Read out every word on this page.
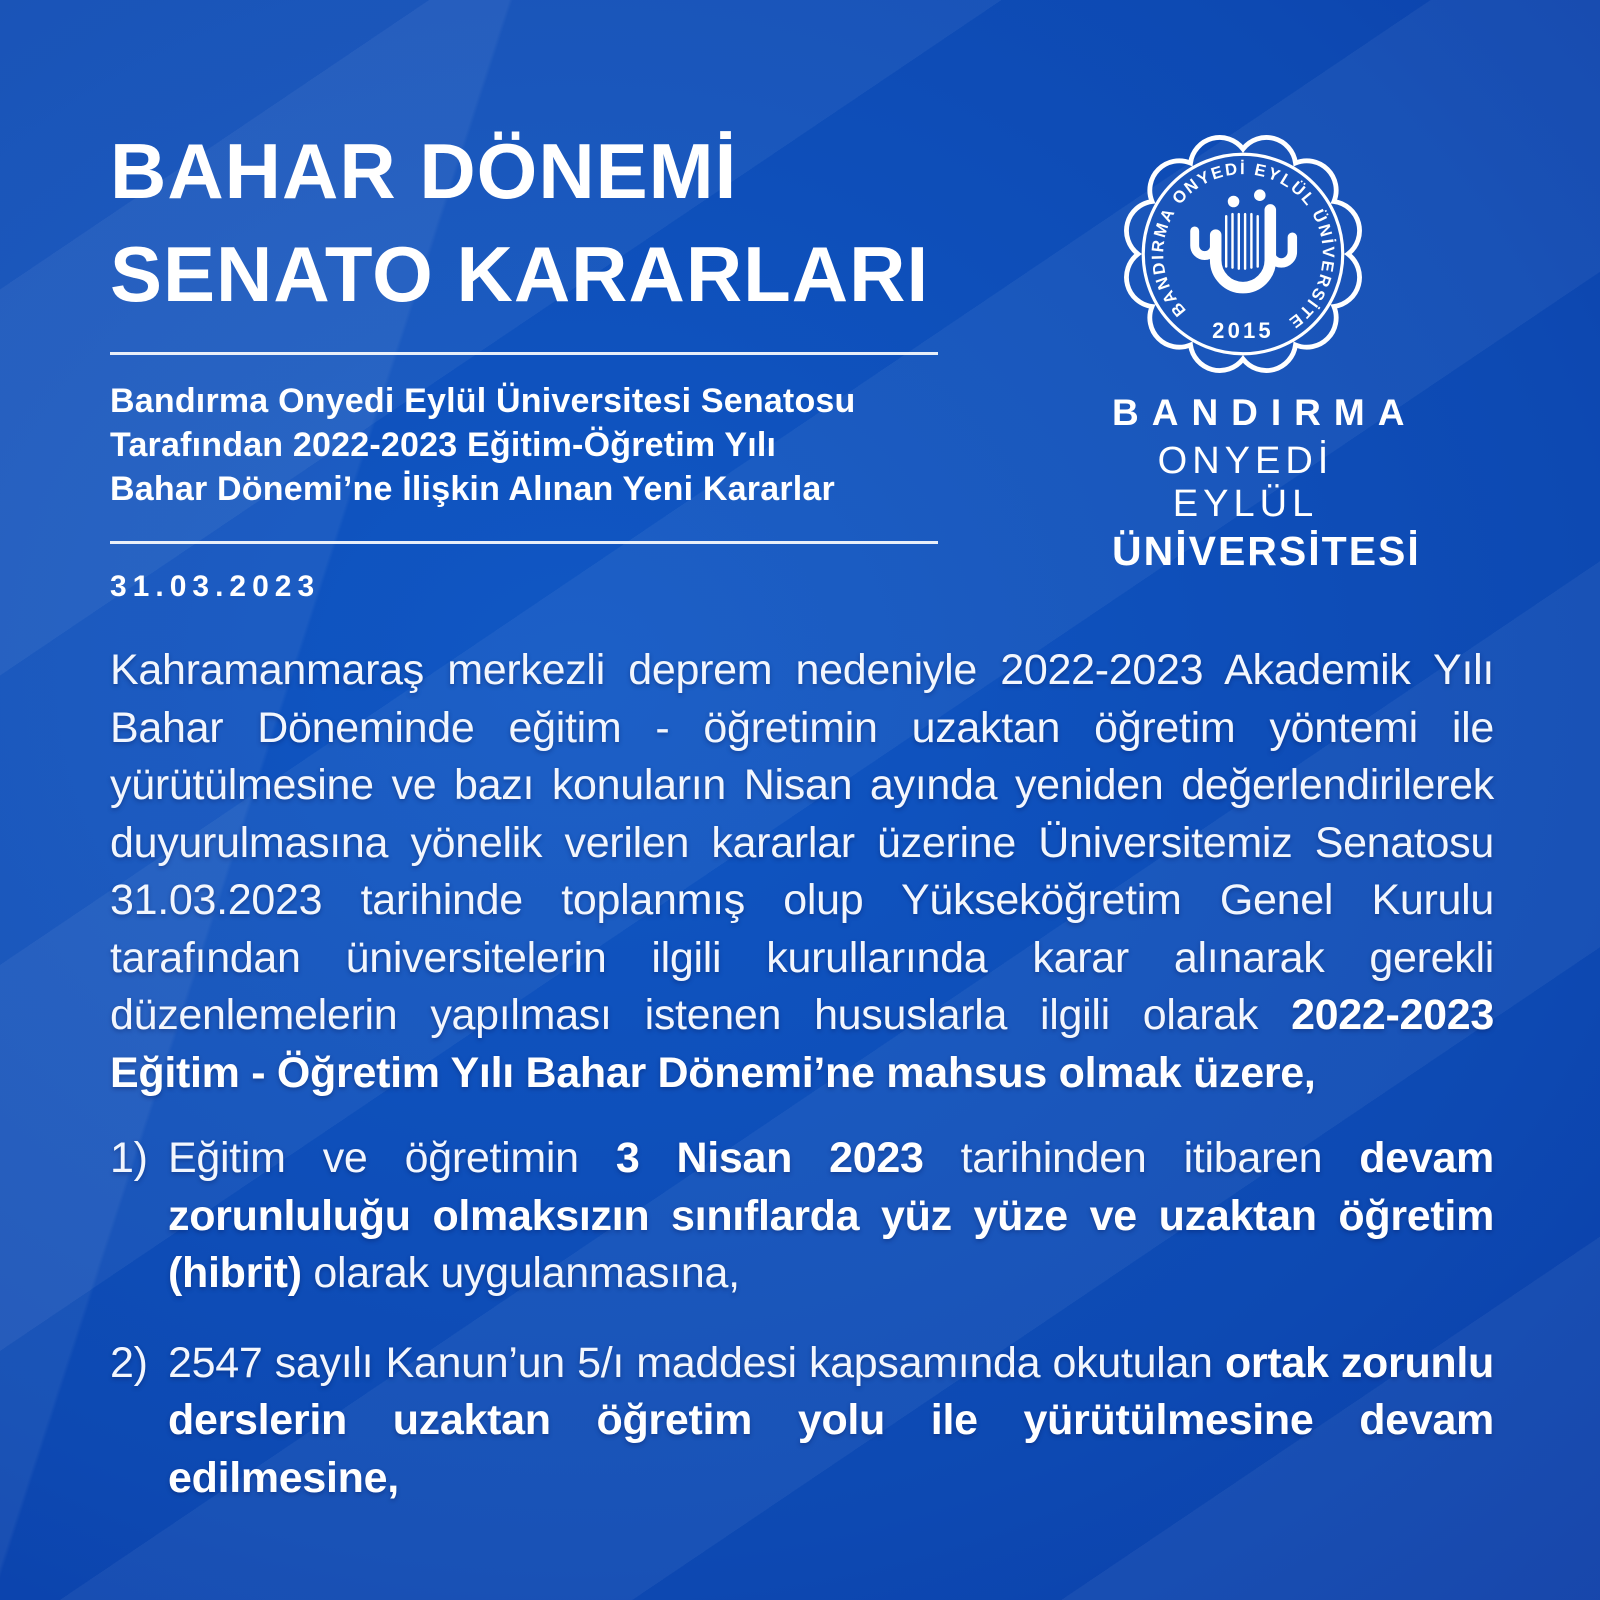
BAHAR DÖNEMİ
SENATO KARARLARI
Bandırma Onyedi Eylül Üniversitesi Senatosu
Tarafından 2022-2023 Eğitim-Öğretim Yılı
Bahar Dönemi’ne İlişkin Alınan Yeni Kararlar
BANDIRMA ONYEDİ EYLÜL ÜNİVERSİTESİ
2015
BANDIRMA
ONYEDİ EYLÜL
ÜNİVERSİTESİ
31.03.2023

Kahramanmaraş merkezli deprem nedeniyle 2022-2023 Akademik Yılı Bahar Döneminde eğitim - öğretimin uzaktan öğretim yöntemi ile yürütülmesine ve bazı konuların Nisan ayında yeniden değerlendirilerek duyurulmasına yönelik verilen kararlar üzerine Üniversitemiz Senatosu 31.03.2023 tarihinde toplanmış olup Yükseköğretim Genel Kurulu tarafından üniversitelerin ilgili kurullarında karar alınarak gerekli düzenlemelerin yapılması istenen hususlarla ilgili olarak 2022-2023 Eğitim - Öğretim Yılı Bahar Dönemi’ne mahsus olmak üzere,

1) Eğitim ve öğretimin 3 Nisan 2023 tarihinden itibaren devam zorunluluğu olmaksızın sınıflarda yüz yüze ve uzaktan öğretim (hibrit) olarak uygulanmasına,
2) 2547 sayılı Kanun’un 5/ı maddesi kapsamında okutulan ortak zorunlu derslerin uzaktan öğretim yolu ile yürütülmesine devam edilmesine,
